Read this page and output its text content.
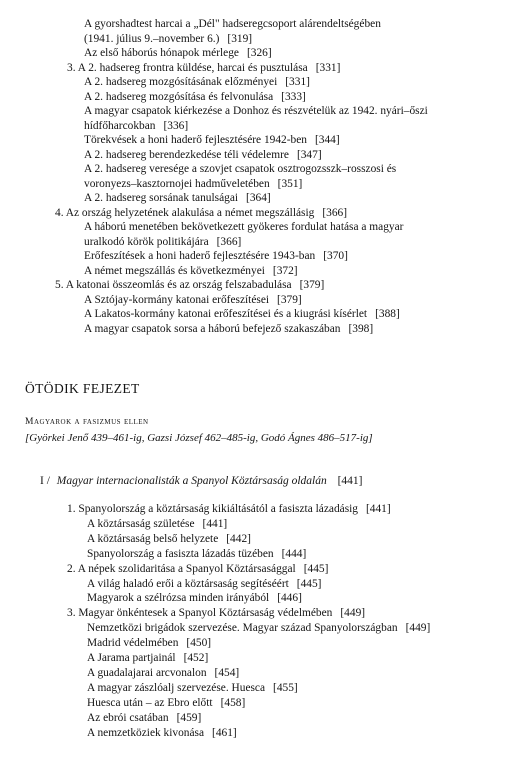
A gyorshadtest harcai a „Dél" hadseregcsoport alárendeltségében
(1941. július 9.–november 6.) [319]
Az első háborús hónapok mérlege [326]
3. A 2. hadsereg frontra küldése, harcai és pusztulása [331]
A 2. hadsereg mozgósításának előzményei [331]
A 2. hadsereg mozgósítása és felvonulása [333]
A magyar csapatok kiérkezése a Donhoz és részvételük az 1942. nyári–őszi
hídfőharcokban [336]
Törekvések a honi haderő fejlesztésére 1942-ben [344]
A 2. hadsereg berendezkedése téli védelemre [347]
A 2. hadsereg veresége a szovjet csapatok osztrogozsszk–rosszosi és
voronyezs–kasztornojei hadműveletében [351]
A 2. hadsereg sorsának tanulságai [364]
4. Az ország helyzetének alakulása a német megszállásig [366]
A háború menetében bekövetkezett gyökeres fordulat hatása a magyar
uralkodó körök politikájára [366]
Erőfeszítések a honi haderő fejlesztésére 1943-ban [370]
A német megszállás és következményei [372]
5. A katonai összeomlás és az ország felszabadulása [379]
A Sztójay-kormány katonai erőfeszítései [379]
A Lakatos-kormány katonai erőfeszítései és a kiugrási kísérlet [388]
A magyar csapatok sorsa a háború befejező szakaszában [398]
ÖTÖDIK FEJEZET
Magyarok a fasizmus ellen
[Györkei Jenő 439–461-ig, Gazsi József 462–485-ig, Godó Ágnes 486–517-ig]
I / Magyar internacionalisták a Spanyol Köztársaság oldalán [441]
1. Spanyolország a köztársaság kikiáltásától a fasiszta lázadásig [441]
A köztársaság születése [441]
A köztársaság belső helyzete [442]
Spanyolország a fasiszta lázadás tüzében [444]
2. A népek szolidaritása a Spanyol Köztársasággal [445]
A világ haladó erői a köztársaság segítéséért [445]
Magyarok a szélrózsa minden irányából [446]
3. Magyar önkéntesek a Spanyol Köztársaság védelmében [449]
Nemzetközi brigádok szervezése. Magyar század Spanyolországban [449]
Madrid védelmében [450]
A Jarama partjainál [452]
A guadalajarai arcvonalon [454]
A magyar zászlóalj szervezése. Huesca [455]
Huesca után – az Ebro előtt [458]
Az ebrói csatában [459]
A nemzetköziek kivonása [461]
